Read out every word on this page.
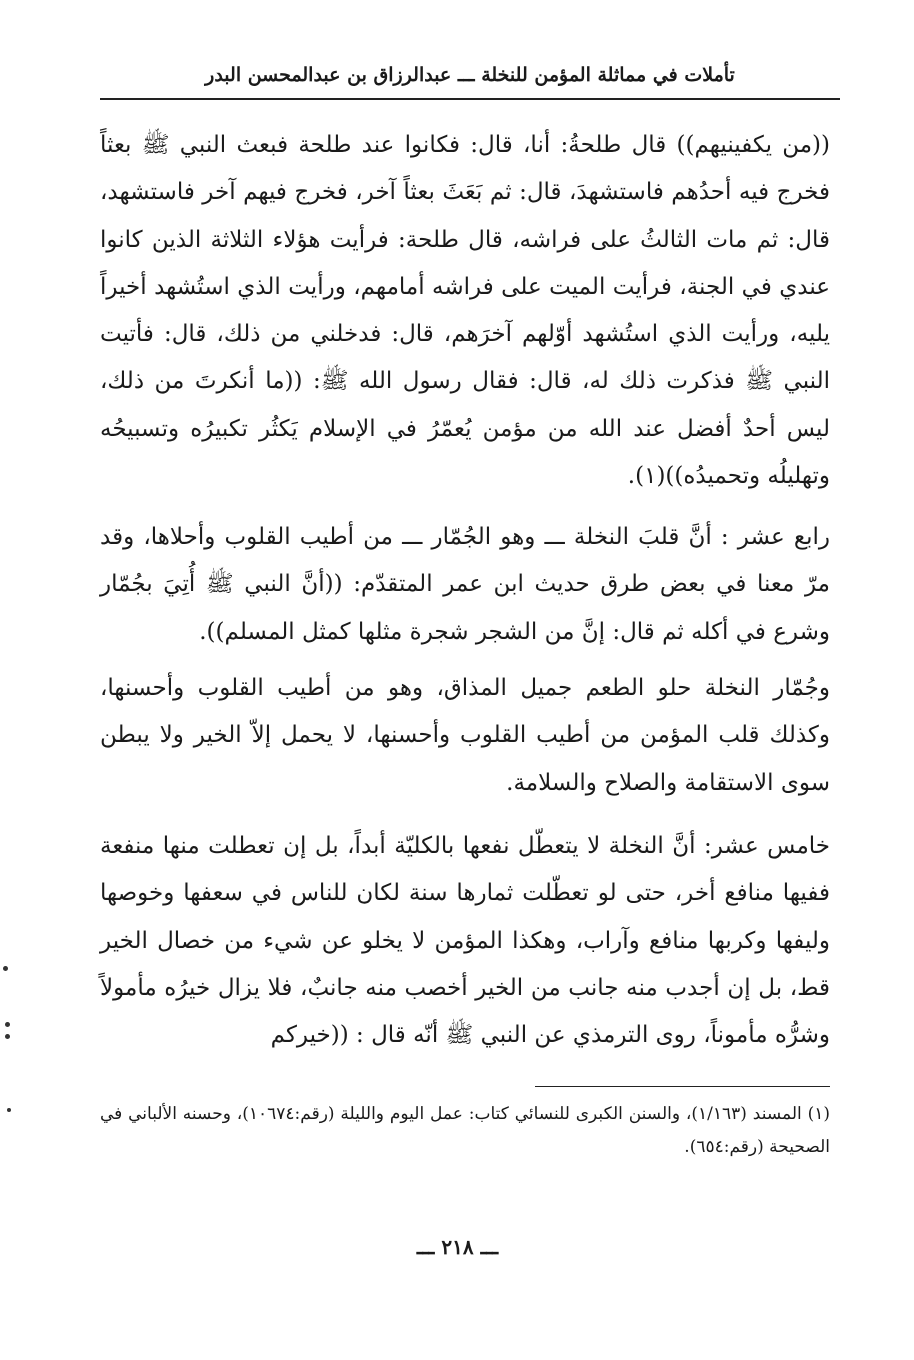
تأملات في مماثلة المؤمن للنخلة ـــ عبدالرزاق بن عبدالمحسن البدر

((من يكفينيهم)) قال طلحةُ: أنا، قال: فكانوا عند طلحة فبعث النبي ﷺ بعثاً فخرج فيه أحدُهم فاستشهدَ، قال: ثم بَعَثَ بعثاً آخر، فخرج فيهم آخر فاستشهد، قال: ثم مات الثالثُ على فراشه، قال طلحة: فرأيت هؤلاء الثلاثة الذين كانوا عندي في الجنة، فرأيت الميت على فراشه أمامهم، ورأيت الذي استُشهد أخيراً يليه، ورأيت الذي استُشهد أوّلهم آخرَهم، قال: فدخلني من ذلك، قال: فأتيت النبي ﷺ فذكرت ذلك له، قال: فقال رسول الله ﷺ: ((ما أنكرتَ من ذلك، ليس أحدٌ أفضل عند الله من مؤمن يُعمّرُ في الإسلام يَكثُر تكبيرُه وتسبيحُه وتهليلُه وتحميدُه))(١).

رابع عشر : أنَّ قلبَ النخلة ـــ وهو الجُمّار ـــ من أطيب القلوب وأحلاها، وقد مرّ معنا في بعض طرق حديث ابن عمر المتقدّم: ((أنَّ النبي ﷺ أُتِيَ بجُمّار وشرع في أكله ثم قال: إنَّ من الشجر شجرة مثلها كمثل المسلم)).

وجُمّار النخلة حلو الطعم جميل المذاق، وهو من أطيب القلوب وأحسنها، وكذلك قلب المؤمن من أطيب القلوب وأحسنها، لا يحمل إلاّ الخير ولا يبطن سوى الاستقامة والصلاح والسلامة.

خامس عشر: أنَّ النخلة لا يتعطّل نفعها بالكليّة أبداً، بل إن تعطلت منها منفعة ففيها منافع أخر، حتى لو تعطّلت ثمارها سنة لكان للناس في سعفها وخوصها وليفها وكربها منافع وآراب، وهكذا المؤمن لا يخلو عن شيء من خصال الخير قط، بل إن أجدب منه جانب من الخير أخصب منه جانبٌ، فلا يزال خيرُه مأمولاً وشرُّه مأموناً، روى الترمذي عن النبي ﷺ أنّه قال : ((خيركم

(١) المسند (١/١٦٣)، والسنن الكبرى للنسائي كتاب: عمل اليوم والليلة (رقم:١٠٦٧٤)، وحسنه الألباني في الصحيحة (رقم:٦٥٤).
ـــ ٢١٨ ـــ
